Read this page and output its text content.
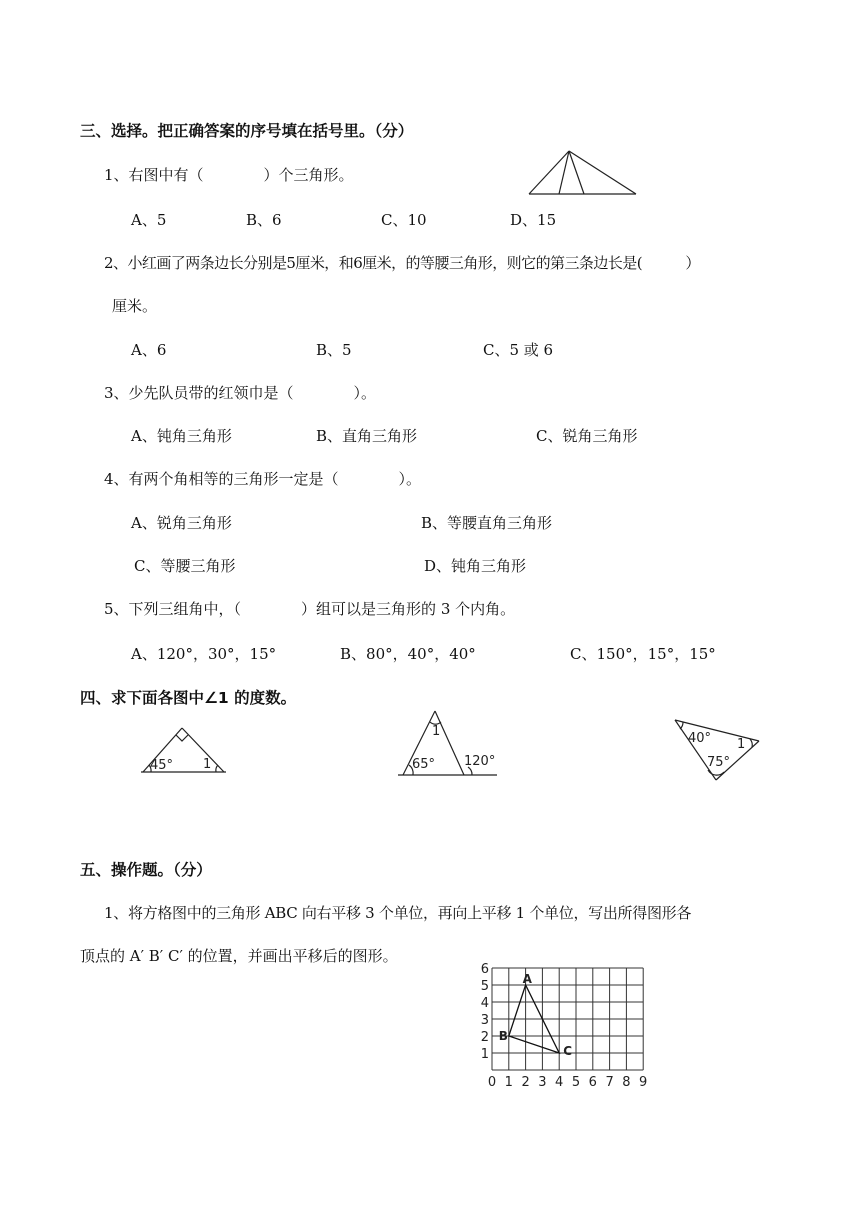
三、选择。把正确答案的序号填在括号里。（分）
1、右图中有（　　　　）个三角形。
A、5	B、6	C、10	D、15
2、小红画了两条边长分别是5厘米，和6厘米，的等腰三角形，则它的第三条边长是(　　　）
厘米。
A、6	B、5	C、5 或 6
3、少先队员带的红领巾是（　　　　）。
A、钝角三角形	B、直角三角形	C、锐角三角形
4、有两个角相等的三角形一定是（　　　　）。
A、锐角三角形	B、等腰直角三角形
C、等腰三角形	D、钝角三角形
5、下列三组角中，（　　　　）组可以是三角形的 3 个内角。
A、120°，30°，15°	B、80°，40°，40°	C、150°，15°，15°
四、求下面各图中∠1 的度数。
45° 1
1
65° 120°
40°
75°
1
五、操作题。（分）
1、将方格图中的三角形 ABC 向右平移 3 个单位，再向上平移 1 个单位，写出所得图形各
顶点的 A′ B′ C′ 的位置，并画出平移后的图形。
0 1 2 3 4 5 6 7 8 9
1
2
3
4
5
6
A
B
C
